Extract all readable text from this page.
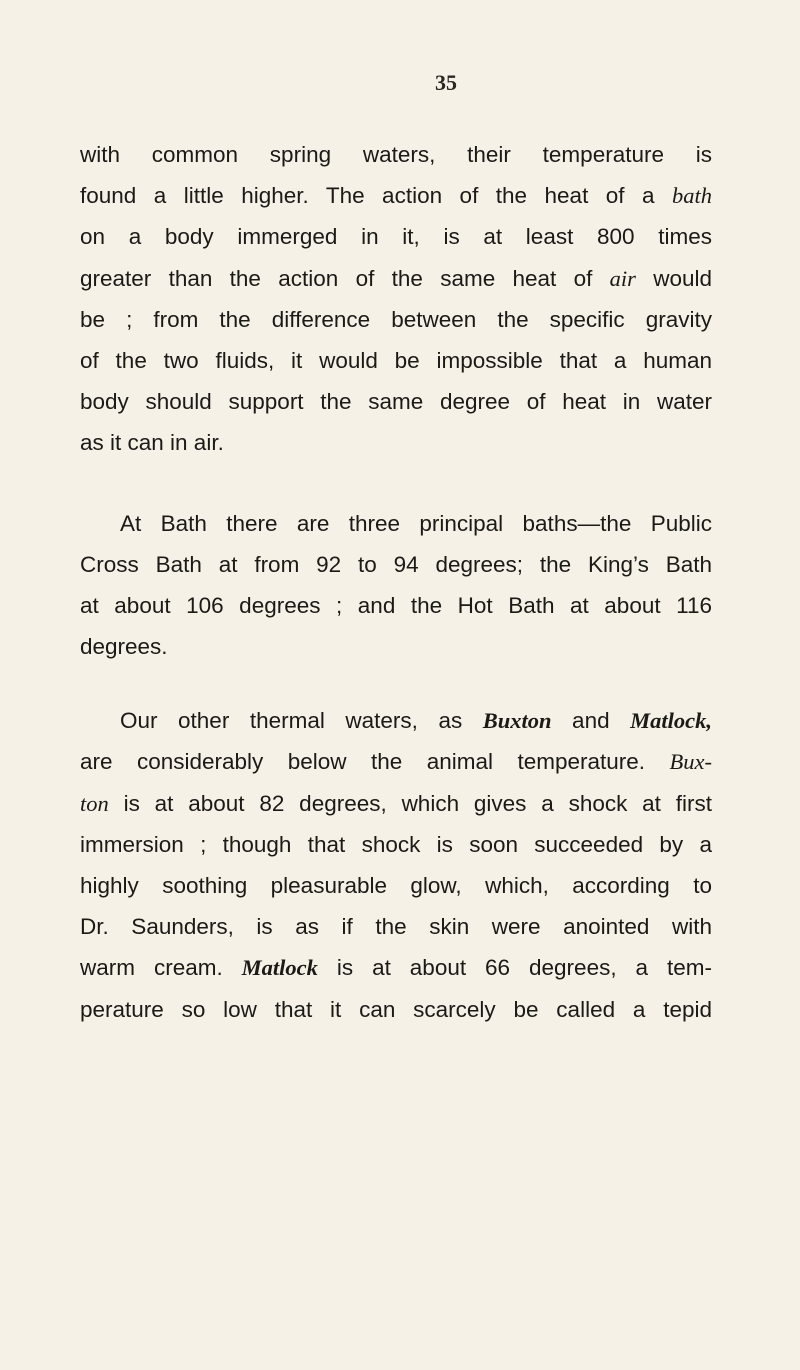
35
with common spring waters, their temperature is
found a little higher. The action of the heat of a bath
on a body immerged in it, is at least 800 times
greater than the action of the same heat of air would
be ; from the difference between the specific gravity
of the two fluids, it would be impossible that a human
body should support the same degree of heat in water
as it can in air.
At Bath there are three principal baths—the Public
Cross Bath at from 92 to 94 degrees; the King’s Bath
at about 106 degrees ; and the Hot Bath at about 116
degrees.
Our other thermal waters, as Buxton and Matlock,
are considerably below the animal temperature. Bux-
ton is at about 82 degrees, which gives a shock at first
immersion ; though that shock is soon succeeded by a
highly soothing pleasurable glow, which, according to
Dr. Saunders, is as if the skin were anointed with
warm cream. Matlock is at about 66 degrees, a tem-
perature so low that it can scarcely be called a tepid
